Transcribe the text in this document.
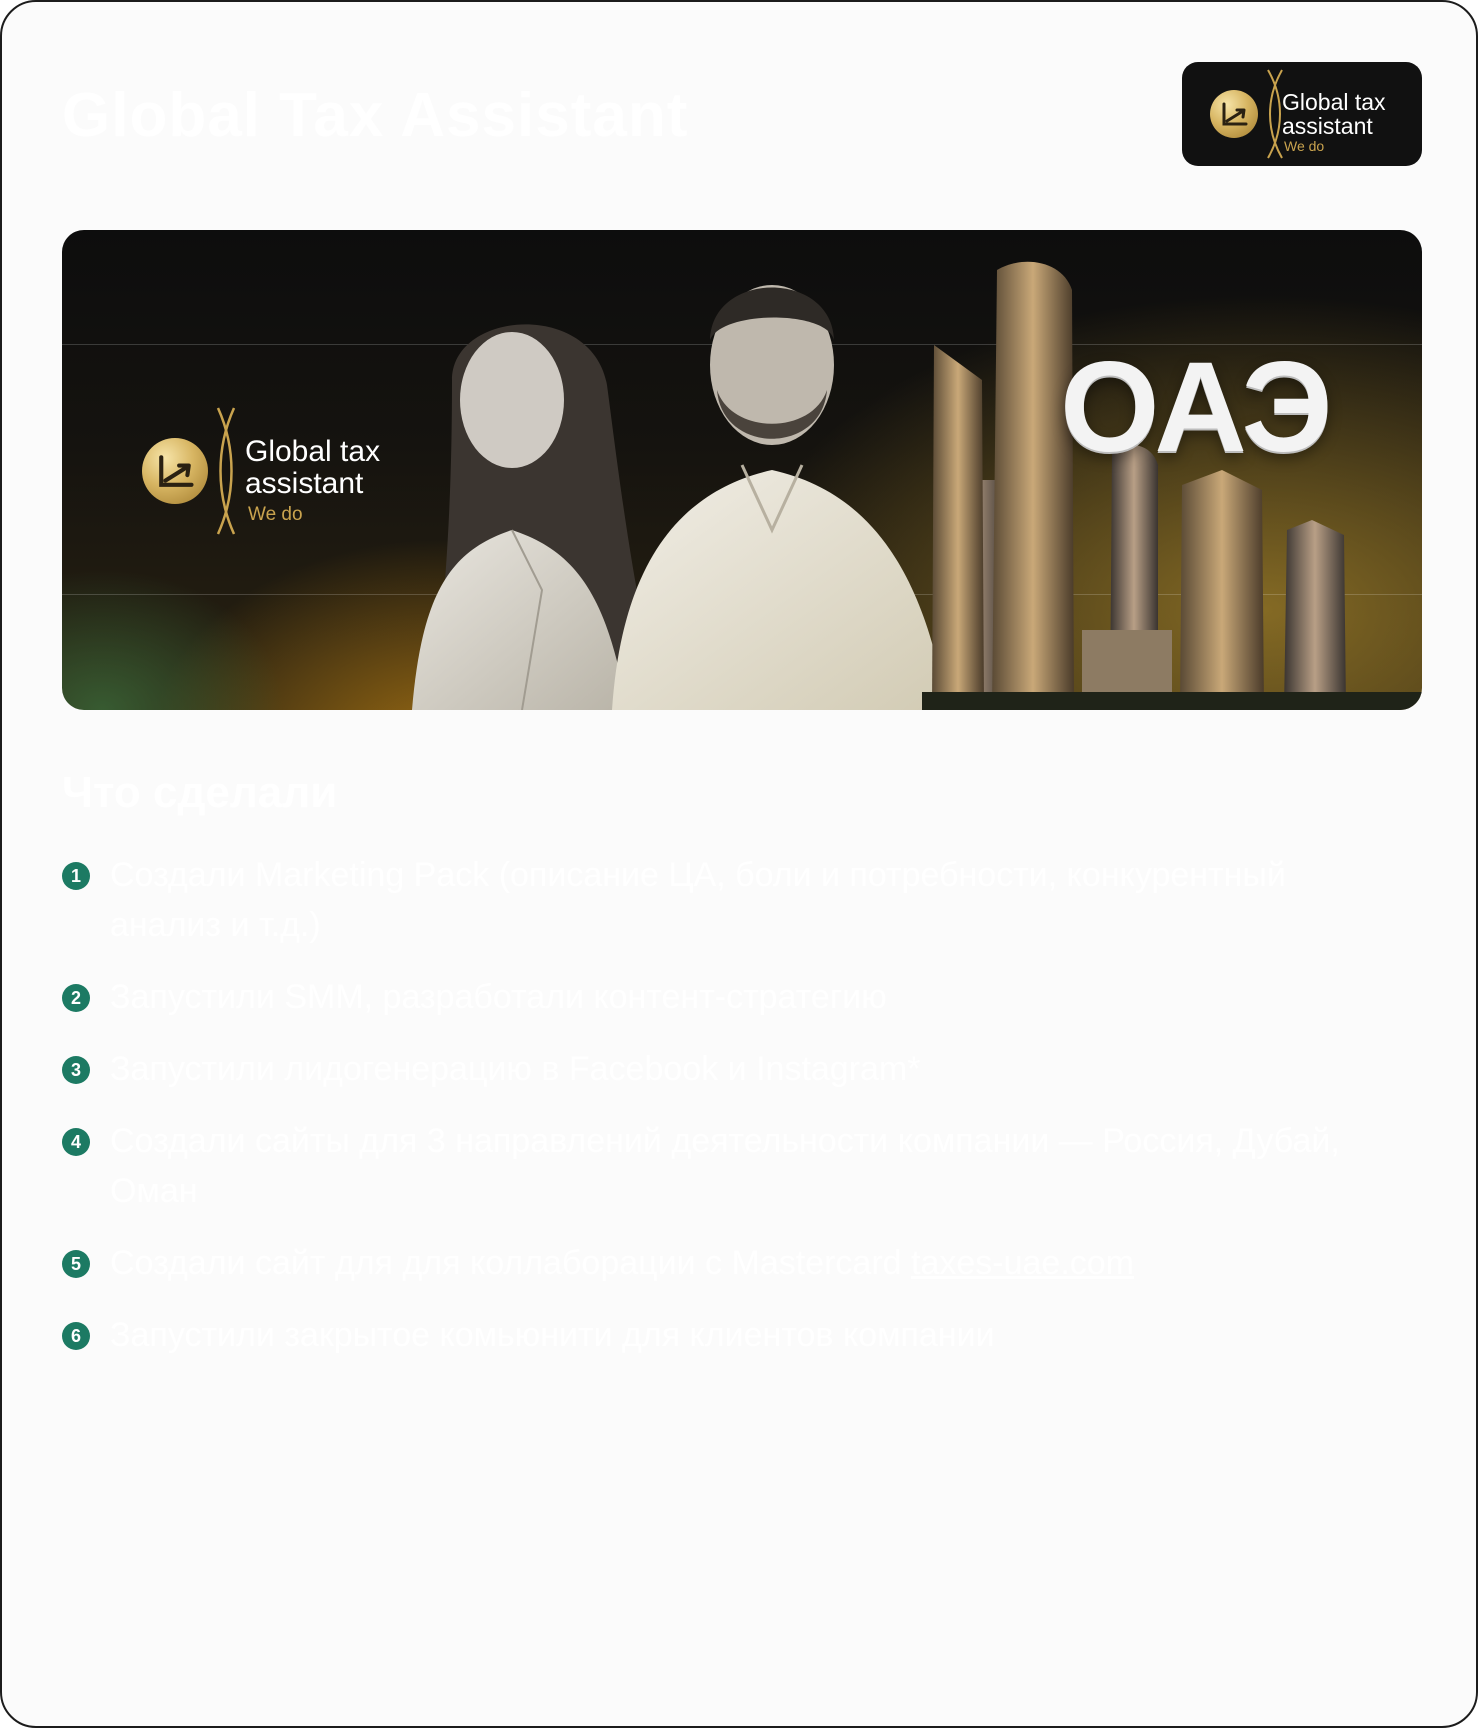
Global Tax Assistant	Global tax
assistant
We do
Global tax
assistant
We do
ОАЭ
Что сделали
1 Создали Marketing Pack (описание ЦА, боли и потребности, конкурентный анализ и т.д.)
2 Запустили SMM, разработали контент-стратегию
3 Запустили лидогенерацию в Facebook и Instagram*
4 Создали сайты для 3 направлений деятельности компании — Россия, Дубай, Оман
5 Создали сайт для для коллаборации с Mastercard taxes-uae.com
6 Запустили закрытое комьюнити для клиентов компании
